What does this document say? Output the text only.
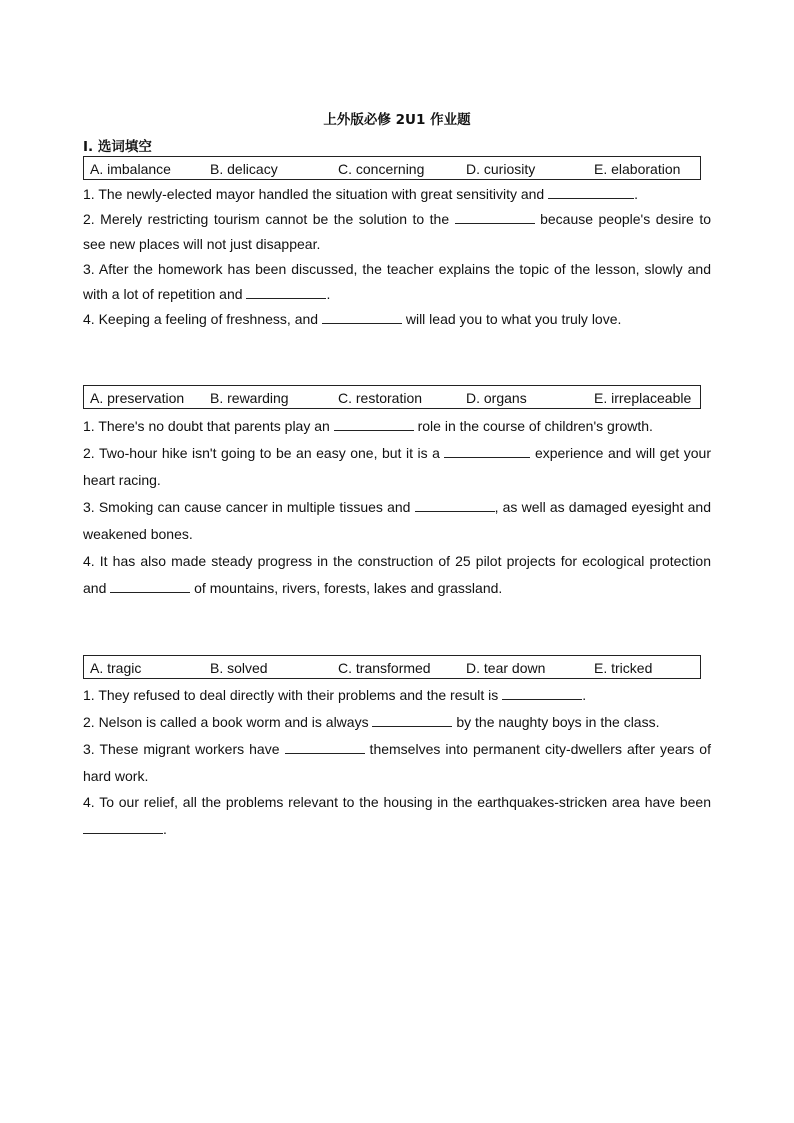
上外版必修 2U1 作业题
I. 选词填空
A. imbalance	B. delicacy	C. concerning	D. curiosity	E. elaboration
1. The newly-elected mayor handled the situation with great sensitivity and	.
2. Merely restricting tourism cannot be the solution to the	because people's desire to see new places will not just disappear.
3. After the homework has been discussed, the teacher explains the topic of the lesson, slowly and with a lot of repetition and	.
4. Keeping a feeling of freshness, and	will lead you to what you truly love.
A. preservation B. rewarding	C. restoration	D. organs	E. irreplaceable
1. There's no doubt that parents play an	role in the course of children's growth.
2. Two-hour hike isn't going to be an easy one, but it is a	experience and will get your heart racing.
3. Smoking can cause cancer in multiple tissues and	, as well as damaged eyesight and weakened bones.
4. It has also made steady progress in the construction of 25 pilot projects for ecological protection and	of mountains, rivers, forests, lakes and grassland.
A. tragic	B. solved	C. transformed	D. tear down	E. tricked
1. They refused to deal directly with their problems and the result is	.
2. Nelson is called a book worm and is always	by the naughty boys in the class.
3. These migrant workers have	themselves into permanent city-dwellers after years of hard work.
4. To our relief, all the problems relevant to the housing in the earthquakes-stricken area have been .
